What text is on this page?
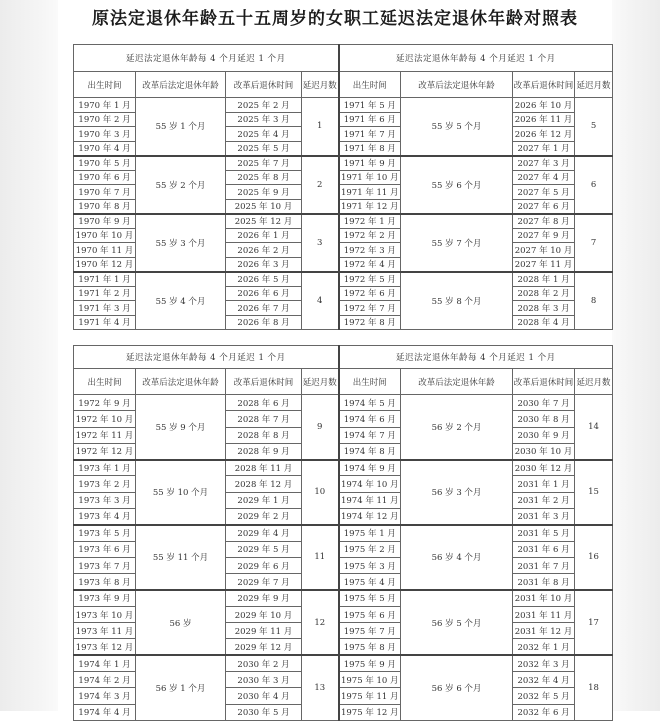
原法定退休年龄五十五周岁的女职工延迟法定退休年龄对照表
延迟法定退休年龄每 4 个月延迟 1 个月				延迟法定退休年龄每 4 个月延迟 1 个月			
出生时间	改革后法定退休年龄	改革后退休时间	延迟月数	出生时间	改革后法定退休年龄	改革后退休时间	延迟月数
1970 年 1 月	55 岁 1 个月	2025 年 2 月	1	1971 年 5 月	55 岁 5 个月	2026 年 10 月	5
1970 年 2 月		2025 年 3 月		1971 年 6 月		2026 年 11 月	
1970 年 3 月		2025 年 4 月		1971 年 7 月		2026 年 12 月	
1970 年 4 月		2025 年 5 月		1971 年 8 月		2027 年 1 月	
1970 年 5 月	55 岁 2 个月	2025 年 7 月	2	1971 年 9 月	55 岁 6 个月	2027 年 3 月	6
1970 年 6 月		2025 年 8 月		1971 年 10 月		2027 年 4 月	
1970 年 7 月		2025 年 9 月		1971 年 11 月		2027 年 5 月	
1970 年 8 月		2025 年 10 月		1971 年 12 月		2027 年 6 月	
1970 年 9 月	55 岁 3 个月	2025 年 12 月	3	1972 年 1 月	55 岁 7 个月	2027 年 8 月	7
1970 年 10 月		2026 年 1 月		1972 年 2 月		2027 年 9 月	
1970 年 11 月		2026 年 2 月		1972 年 3 月		2027 年 10 月	
1970 年 12 月		2026 年 3 月		1972 年 4 月		2027 年 11 月	
1971 年 1 月	55 岁 4 个月	2026 年 5 月	4	1972 年 5 月	55 岁 8 个月	2028 年 1 月	8
1971 年 2 月		2026 年 6 月		1972 年 6 月		2028 年 2 月	
1971 年 3 月		2026 年 7 月		1972 年 7 月		2028 年 3 月	
1971 年 4 月		2026 年 8 月		1972 年 8 月		2028 年 4 月	
延迟法定退休年龄每 4 个月延迟 1 个月				延迟法定退休年龄每 4 个月延迟 1 个月			
出生时间	改革后法定退休年龄	改革后退休时间	延迟月数	出生时间	改革后法定退休年龄	改革后退休时间	延迟月数
1972 年 9 月	55 岁 9 个月	2028 年 6 月	9	1974 年 5 月	56 岁 2 个月	2030 年 7 月	14
1972 年 10 月		2028 年 7 月		1974 年 6 月		2030 年 8 月	
1972 年 11 月		2028 年 8 月		1974 年 7 月		2030 年 9 月	
1972 年 12 月		2028 年 9 月		1974 年 8 月		2030 年 10 月	
1973 年 1 月	55 岁 10 个月	2028 年 11 月	10	1974 年 9 月	56 岁 3 个月	2030 年 12 月	15
1973 年 2 月		2028 年 12 月		1974 年 10 月		2031 年 1 月	
1973 年 3 月		2029 年 1 月		1974 年 11 月		2031 年 2 月	
1973 年 4 月		2029 年 2 月		1974 年 12 月		2031 年 3 月	
1973 年 5 月	55 岁 11 个月	2029 年 4 月	11	1975 年 1 月	56 岁 4 个月	2031 年 5 月	16
1973 年 6 月		2029 年 5 月		1975 年 2 月		2031 年 6 月	
1973 年 7 月		2029 年 6 月		1975 年 3 月		2031 年 7 月	
1973 年 8 月		2029 年 7 月		1975 年 4 月		2031 年 8 月	
1973 年 9 月	56 岁	2029 年 9 月	12	1975 年 5 月	56 岁 5 个月	2031 年 10 月	17
1973 年 10 月		2029 年 10 月		1975 年 6 月		2031 年 11 月	
1973 年 11 月		2029 年 11 月		1975 年 7 月		2031 年 12 月	
1973 年 12 月		2029 年 12 月		1975 年 8 月		2032 年 1 月	
1974 年 1 月	56 岁 1 个月	2030 年 2 月	13	1975 年 9 月	56 岁 6 个月	2032 年 3 月	18
1974 年 2 月		2030 年 3 月		1975 年 10 月		2032 年 4 月	
1974 年 3 月		2030 年 4 月		1975 年 11 月		2032 年 5 月	
1974 年 4 月		2030 年 5 月		1975 年 12 月		2032 年 6 月	
